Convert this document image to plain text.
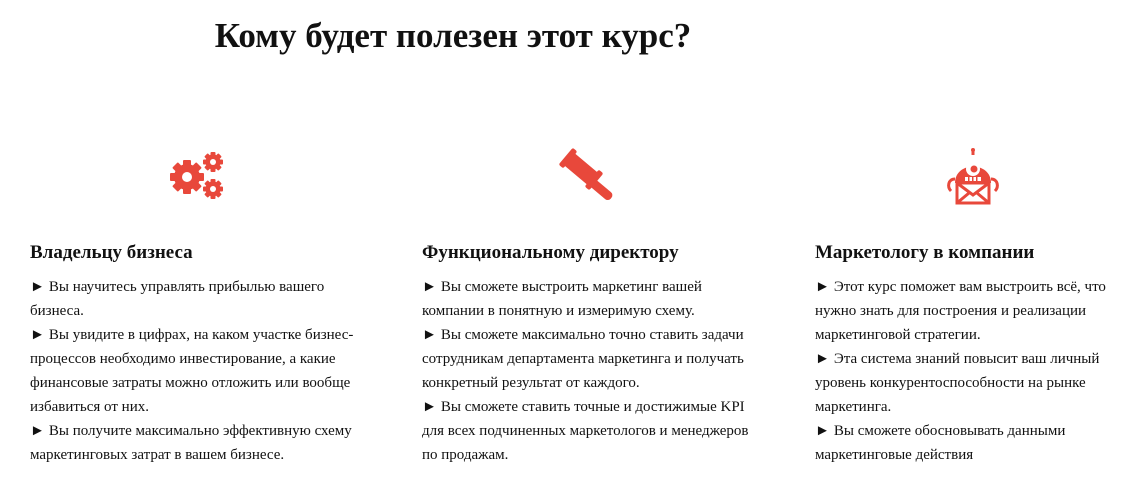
Кому будет полезен этот курс?
Владельцу бизнеса
► Вы научитесь управлять прибылью вашего бизнеса.
► Вы увидите в цифрах, на каком участке бизнес-процессов необходимо инвестирование, а какие финансовые затраты можно отложить или вообще избавиться от них.
► Вы получите максимально эффективную схему маркетинговых затрат в вашем бизнесе.
Функциональному директору
► Вы сможете выстроить маркетинг вашей компании в понятную и измеримую схему.
► Вы сможете максимально точно ставить задачи сотрудникам департамента маркетинга и получать конкретный результат от каждого.
► Вы сможете ставить точные и достижимые KPI для всех подчиненных маркетологов и менеджеров по продажам.
Маркетологу в компании
► Этот курс поможет вам выстроить всё, что нужно знать для построения и реализации маркетинговой стратегии.
► Эта система знаний повысит ваш личный уровень конкурентоспособности на рынке маркетинга.
► Вы сможете обосновывать данными маркетинговые действия
